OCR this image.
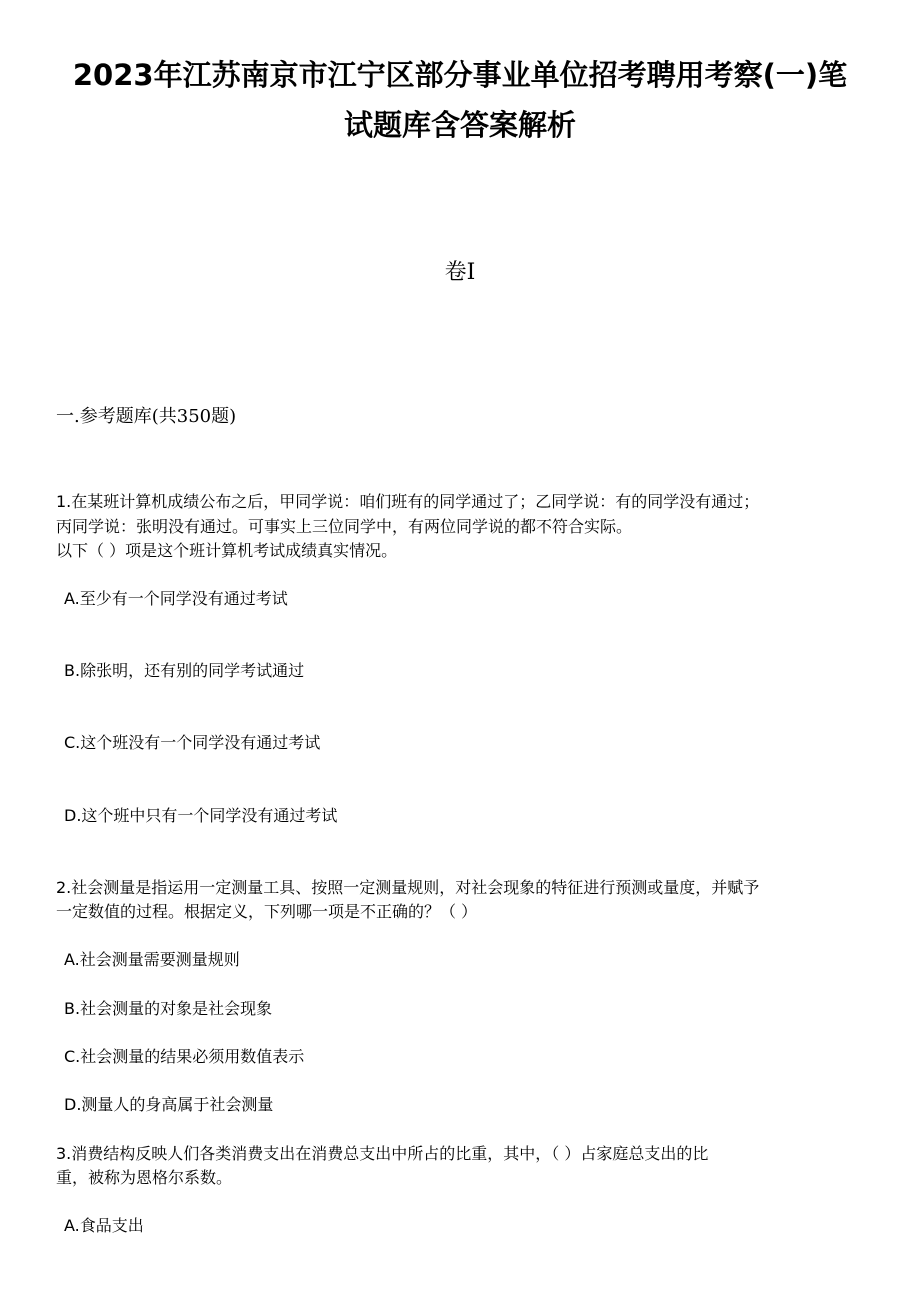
2023年江苏南京市江宁区部分事业单位招考聘用考察(一)笔
试题库含答案解析
卷Ⅰ
一.参考题库(共350题)
1.在某班计算机成绩公布之后，甲同学说：咱们班有的同学通过了；乙同学说：有的同学没有通过；
丙同学说：张明没有通过。可事实上三位同学中，有两位同学说的都不符合实际。
以下（ ）项是这个班计算机考试成绩真实情况。
A.至少有一个同学没有通过考试
B.除张明，还有别的同学考试通过
C.这个班没有一个同学没有通过考试
D.这个班中只有一个同学没有通过考试
2.社会测量是指运用一定测量工具、按照一定测量规则，对社会现象的特征进行预测或量度，并赋予
一定数值的过程。根据定义，下列哪一项是不正确的？（ ）
A.社会测量需要测量规则
B.社会测量的对象是社会现象
C.社会测量的结果必须用数值表示
D.测量人的身高属于社会测量
3.消费结构反映人们各类消费支出在消费总支出中所占的比重，其中，（ ）占家庭总支出的比
重，被称为恩格尔系数。
A.食品支出
